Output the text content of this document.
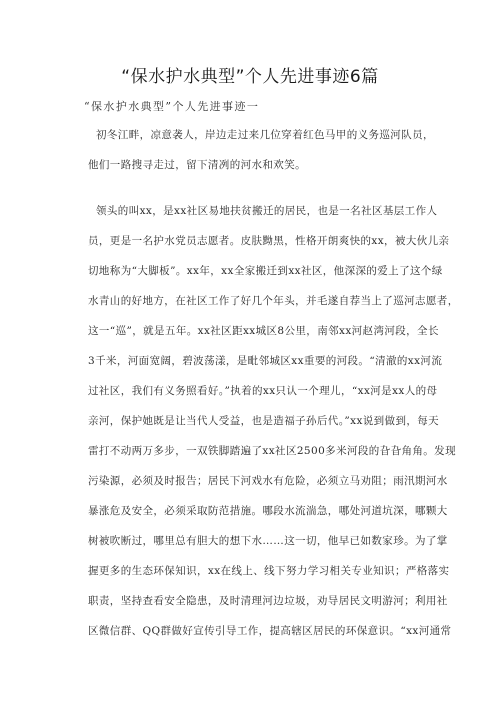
“保水护水典型”个人先进事迹6篇
“保水护水典型”个人先进事迹一
初冬江畔，凉意袭人，岸边走过来几位穿着红色马甲的义务巡河队员，
他们一路搜寻走过，留下清冽的河水和欢笑。
领头的叫xx，是xx社区易地扶贫搬迁的居民，也是一名社区基层工作人
员，更是一名护水党员志愿者。皮肤黝黑，性格开朗爽快的xx，被大伙儿亲
切地称为“大脚板”。xx年，xx全家搬迁到xx社区，他深深的爱上了这个绿
水青山的好地方，在社区工作了好几个年头，并毛遂自荐当上了巡河志愿者，
这一“巡”，就是五年。xx社区距xx城区8公里，南邻xx河赵湾河段，全长
3千米，河面宽阔，碧波荡漾，是毗邻城区xx重要的河段。“清澈的xx河流
过社区，我们有义务照看好。”执着的xx只认一个理儿，“xx河是xx人的母
亲河，保护她既是让当代人受益，也是造福子孙后代。”xx说到做到，每天
雷打不动两万多步，一双铁脚踏遍了xx社区2500多米河段的旮旮角角。发现
污染源，必须及时报告；居民下河戏水有危险，必须立马劝阻；雨汛期河水
暴涨危及安全，必须采取防范措施。哪段水流湍急，哪处河道坑深，哪颗大
树被吹断过，哪里总有胆大的想下水……这一切，他早已如数家珍。为了掌
握更多的生态环保知识，xx在线上、线下努力学习相关专业知识；严格落实
职责，坚持查看安全隐患，及时清理河边垃圾，劝导居民文明游河；利用社
区微信群、QQ群做好宣传引导工作，提高辖区居民的环保意识。“xx河通常
